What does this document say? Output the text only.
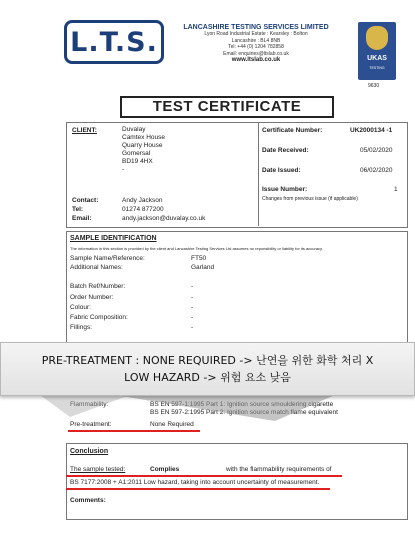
L.T.S.	LANCASHIRE TESTING SERVICES LIMITED
Lyon Road Industrial Estate : Kearsley : Bolton
Lancashire : BL4 8NB
Tel: +44 (0) 1204 782858
Email: enquiries@ltslab.co.uk
www.ltslab.co.uk	UKAS
TESTING
9630
TEST CERTIFICATE
CLIENT:	Duvalay
Camtex House
Quarry House
Gomersal
BD19 4HX
-
Contact:	Andy Jackson
Tel:	01274 877200
Email:	andy.jackson@duvalay.co.uk
Certificate Number:	UK2000134 -1
Date Received:	05/02/2020
Date Issued:	06/02/2020
Issue Number:	1
Changes from previous issue (if applicable)
SAMPLE IDENTIFICATION
The information in this section is provided by the client and Lancashire Testing Services Ltd assumes no reponsibility or liability for its accuracy.
Sample Name/Reference:	FT50
Additional Names:	Garland
Batch Ref/Number:	-
Order Number:	-
Colour:	-
Fabric Composition:	-
Fillings:	-
Flammability:	BS EN 597-1:1995 Part 1: Ignition source smouldering cigarette
BS EN 597-2:1995 Part 2: Ignition source match flame equivalent
Pre-treatment:	None Required
Conclusion
The sample tested:	Complies	with the flammability requirements of
BS 7177:2008 + A1:2011 Low hazard, taking into account uncertainty of measurement.
Comments:
PRE-TREATMENT : NONE REQUIRED -> 난연을 위한 화학 처리 X
LOW HAZARD -> 위험 요소 낮음
